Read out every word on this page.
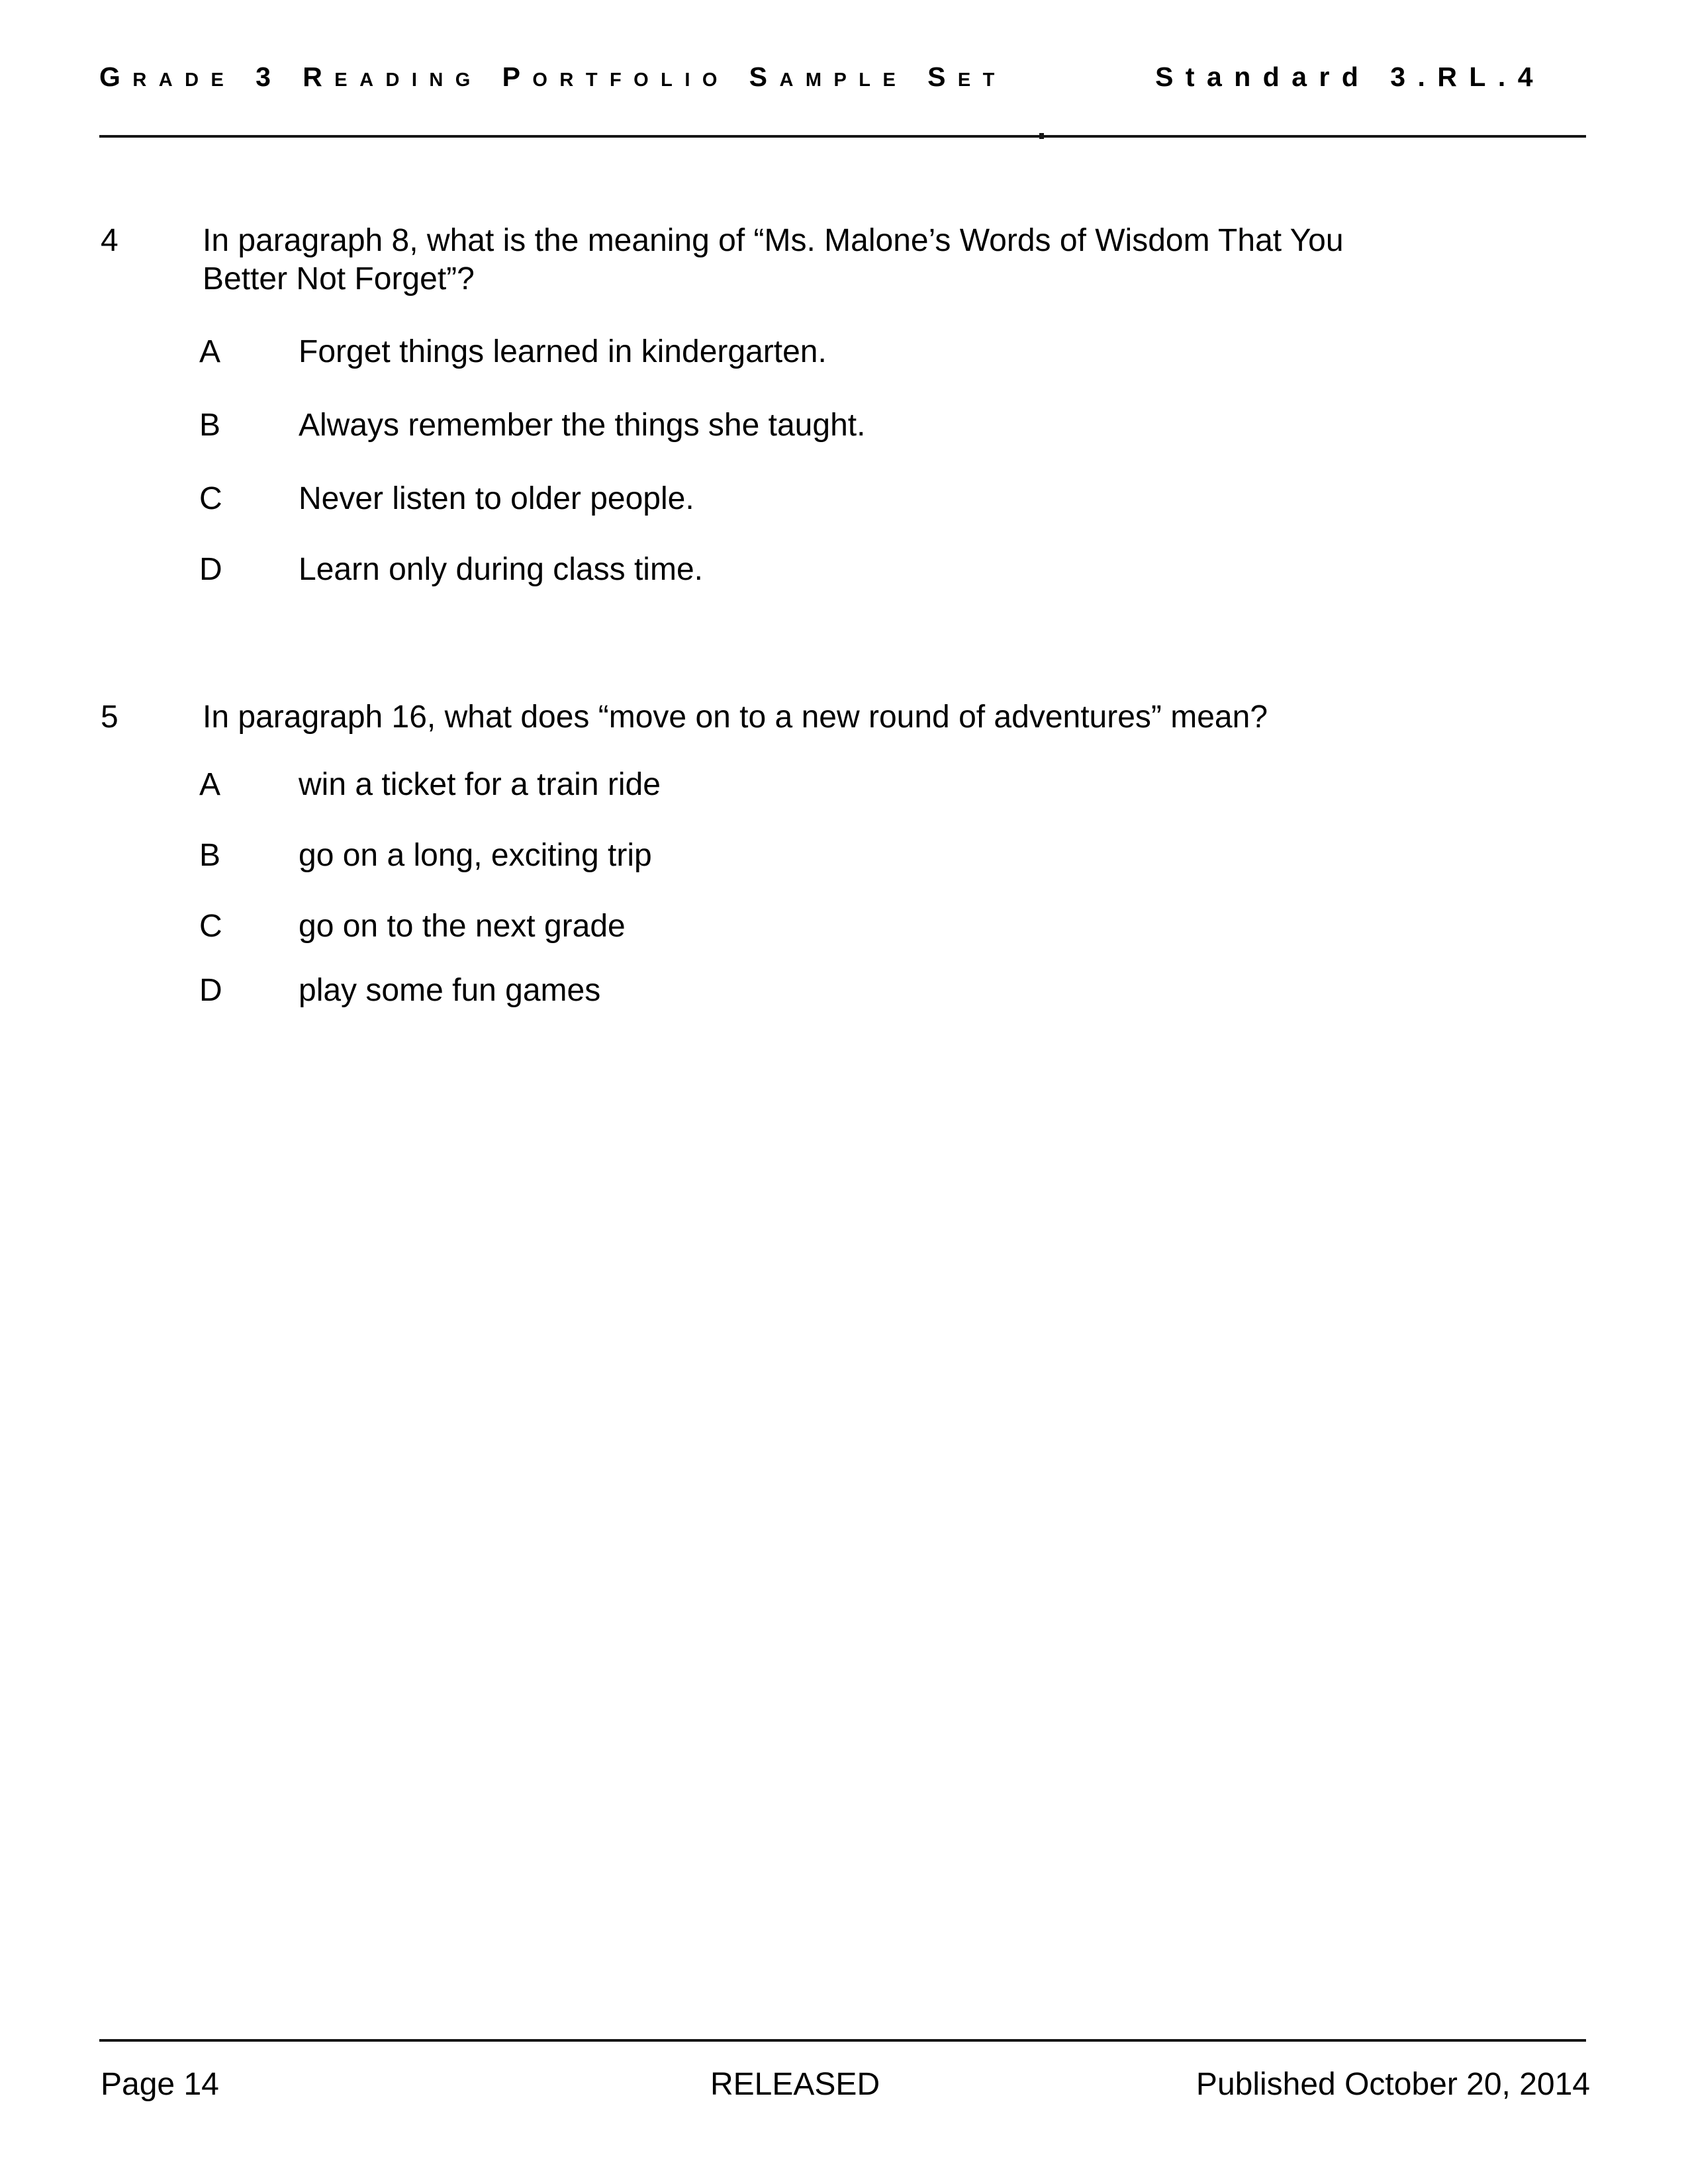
Grade 3 Reading Portfolio Sample Set	Standard 3.RL.4
4	In paragraph 8, what is the meaning of “Ms. Malone’s Words of Wisdom That You
Better Not Forget”?
A Forget things learned in kindergarten.
B Always remember the things she taught.
C Never listen to older people.
D Learn only during class time.
5	In paragraph 16, what does “move on to a new round of adventures” mean?
A win a ticket for a train ride
B go on a long, exciting trip
C go on to the next grade
D play some fun games
Page 14	RELEASED	Published October 20, 2014
